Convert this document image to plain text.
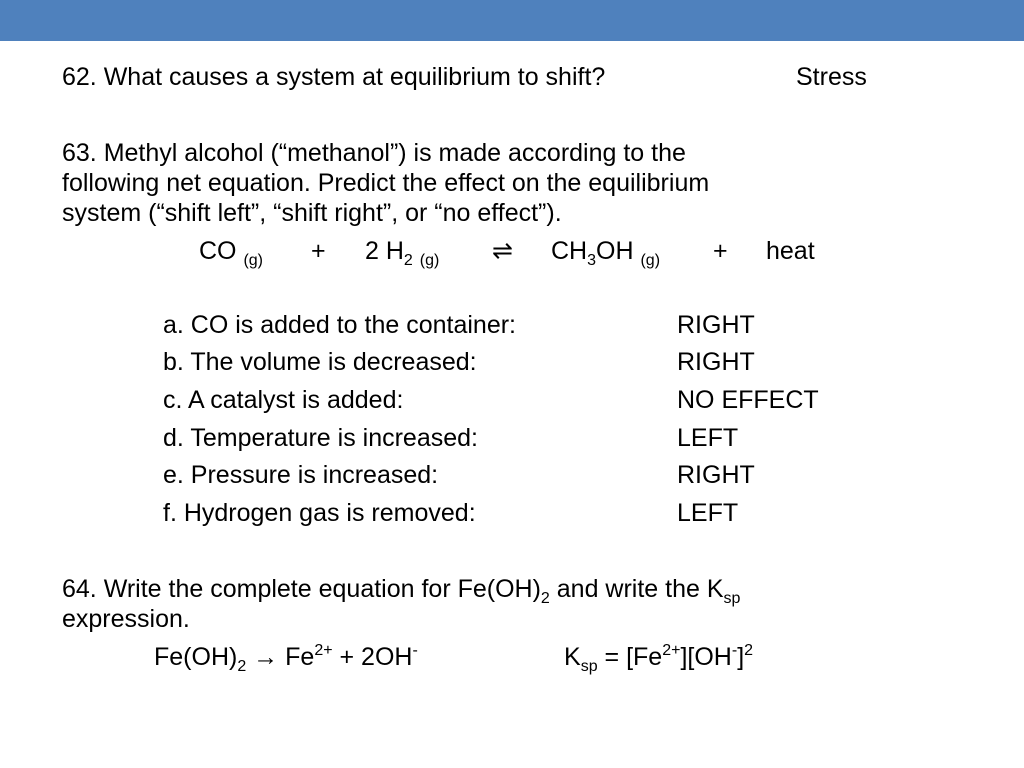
62. What causes a system at equilibrium to shift?	Stress
63. Methyl alcohol (“methanol”) is made according to the
following net equation. Predict the effect on the equilibrium
system (“shift left”, “shift right”, or “no effect”).
CO $_{(g)}$ + 2 $H_2$ $_{(g)}$ ⇌ $CH_3OH$ $_{(g)}$ + heat
a. CO is added to the container:	RIGHT
b. The volume is decreased:	RIGHT
c. A catalyst is added:	NO EFFECT
d. Temperature is increased:	LEFT
e. Pressure is increased:	RIGHT
f. Hydrogen gas is removed:	LEFT
64. Write the complete equation for $Fe(OH)_2$ and write the $K_{sp}$
expression.
$Fe(OH)_2 \to Fe^{2+} + 2OH^-$	$K_{sp} = [Fe^{2+}][OH^-]^2$
